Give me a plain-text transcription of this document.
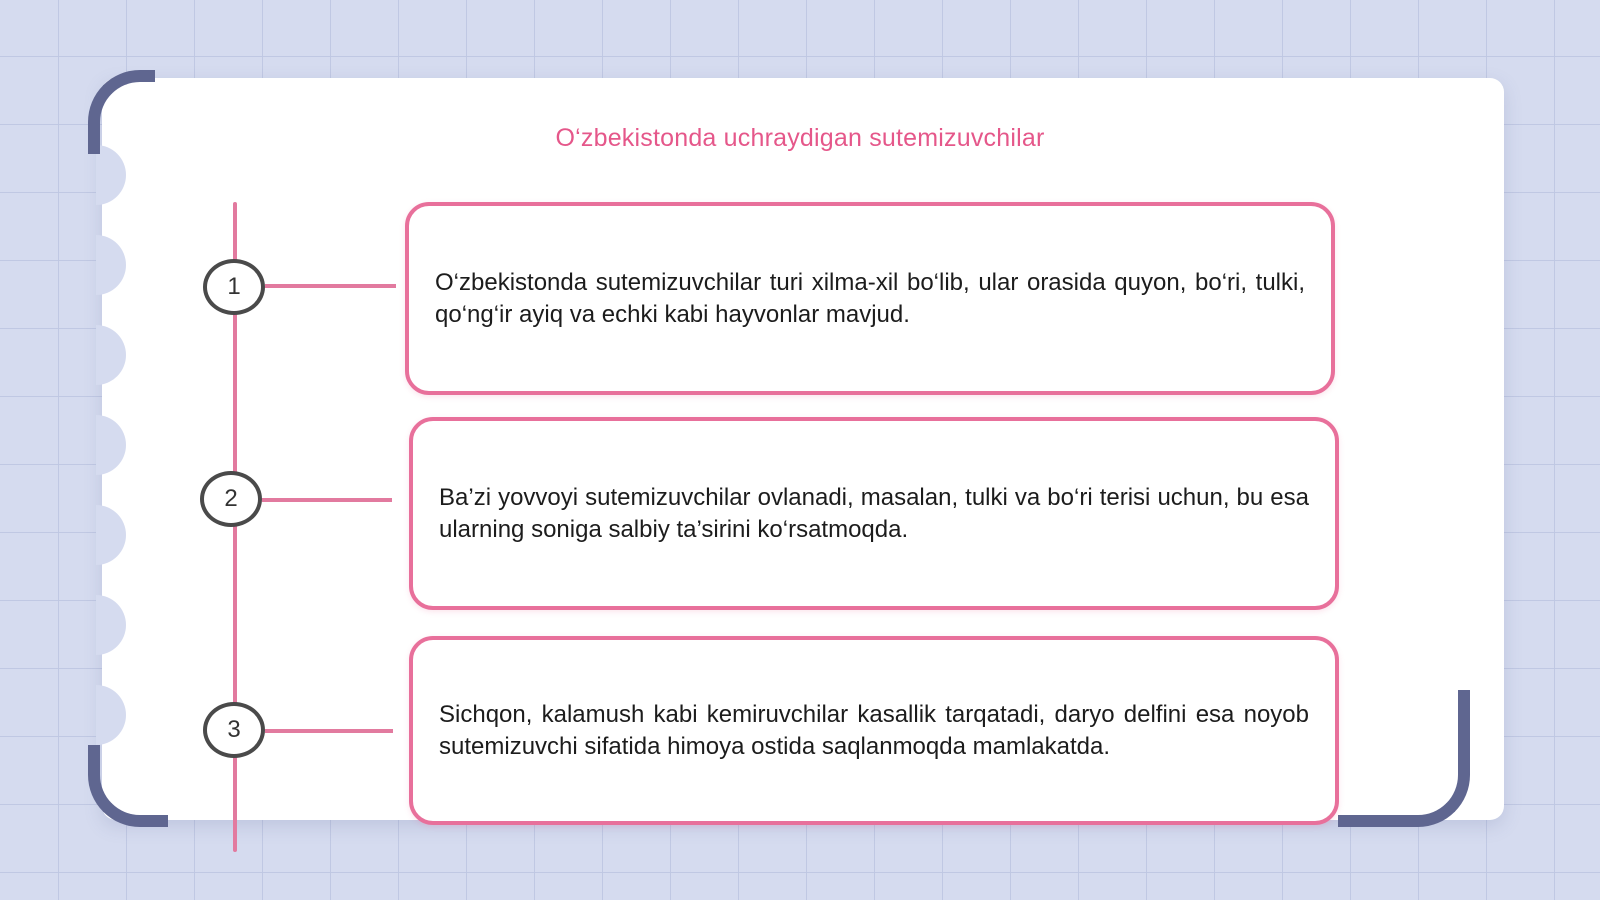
O‘zbekistonda uchraydigan sutemizuvchilar
1
2
3
O‘zbekistonda sutemizuvchilar turi xilma-xil bo‘lib, ular orasida quyon, bo‘ri, tulki, qo‘ng‘ir ayiq va echki kabi hayvonlar mavjud.
Ba’zi yovvoyi sutemizuvchilar ovlanadi, masalan, tulki va bo‘ri terisi uchun, bu esa ularning soniga salbiy ta’sirini ko‘rsatmoqda.
Sichqon, kalamush kabi kemiruvchilar kasallik tarqatadi, daryo delfini esa noyob sutemizuvchi sifatida himoya ostida saqlanmoqda mamlakatda.
